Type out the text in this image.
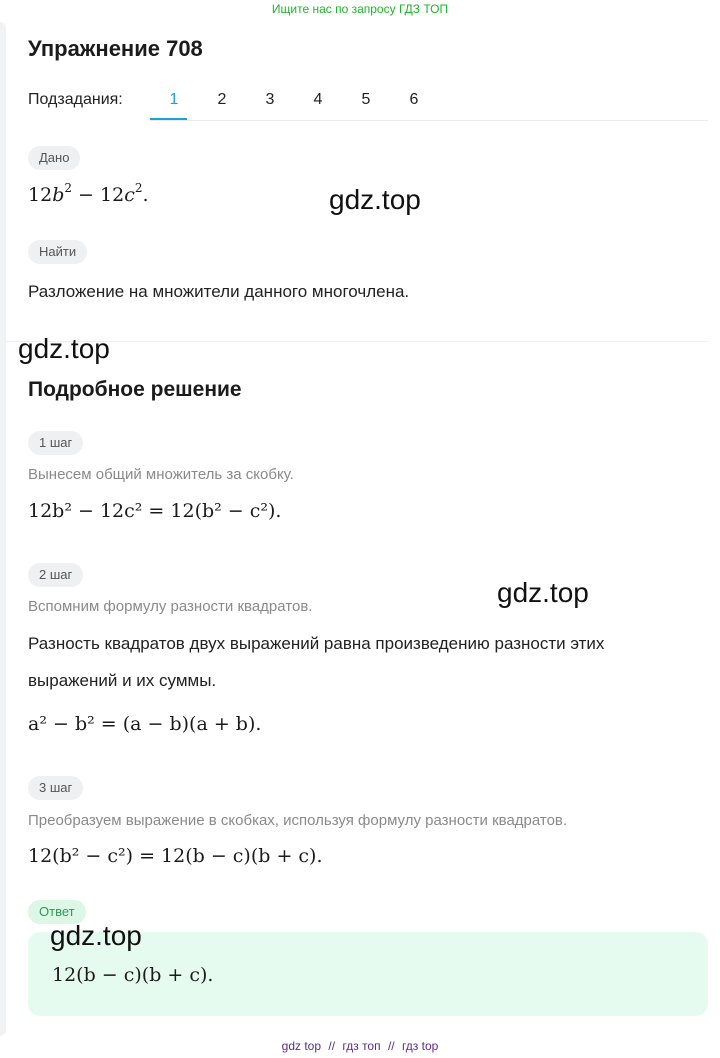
Ищите нас по запросу ГДЗ ТОП
Упражнение 708
Подзадания:	1	2	3	4	5	6
Дано
$12b^2 - 12c^2$.
Найти
Разложение на множители данного многочлена.
Подробное решение
1 шаг
Вынесем общий множитель за скобку.
12b² − 12c² = 12(b² − c²).
2 шаг
Вспомним формулу разности квадратов.
Разность квадратов двух выражений равна произведению разности этих
выражений и их суммы.
a² − b² = (a − b)(a + b).
3 шаг
Преобразуем выражение в скобках, используя формулу разности квадратов.
12(b² − c²) = 12(b − c)(b + c).
Ответ
12(b − c)(b + c).
gdz.top
gdz.top
gdz.top
gdz.top
gdz top // гдз топ // гдз top
